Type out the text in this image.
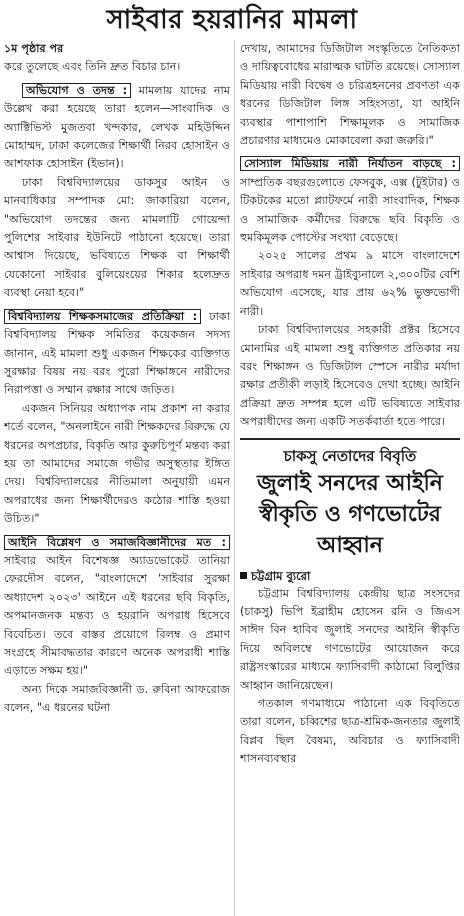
সাইবার হয়রানির মামলা

১ম পৃষ্ঠার পর

করে তুলেছে এবং তিনি দ্রুত বিচার চান।

অভিযোগ ও তদন্ত : মামলায় যাদের নাম উল্লেখ করা হয়েছে তারা হলেন—সাংবাদিক ও অ্যাক্টিভিস্ট মুজতবা খন্দকার, লেখক মহিউদ্দিন মোহাম্মদ, ঢাকা কলেজের শিক্ষার্থী নিরব হোসাইন ও আশফাক হোসাইন (ইভান)।

ঢাকা বিশ্ববিদ্যালয়ের ডাকসুর আইন ও মানবাধিকার সম্পাদক মো: জাকারিয়া বলেন, "অভিযোগ তদন্তের জন্য মামলাটি গোয়েন্দা পুলিশের সাইবার ইউনিটে পাঠানো হয়েছে। তারা আশ্বাস দিয়েছে, ভবিষ্যতে শিক্ষক বা শিক্ষার্থী যেকোনো সাইবার বুলিয়েংয়ের শিকার হলেদ্রুত ব্যবস্থা নেয়া হবে।"

বিশ্ববিদ্যালয় শিক্ষকসমাজের প্রতিক্রিয়া : ঢাকা বিশ্ববিদ্যালয় শিক্ষক সমিতির কয়েকজন সদস্য জানান, এই মামলা শুধু একজন শিক্ষকের ব্যক্তিগত সুরক্ষার বিষয় নয় বরং পুরো শিক্ষাঙ্গনে নারীদের নিরাপত্তা ও সম্মান রক্ষার সাথে জড়িত।

একজন সিনিয়র অধ্যাপক নাম প্রকাশ না করার শর্তে বলেন, "অনলাইনে নারী শিক্ষকদের বিরুদ্ধে যে ধরনের অপপ্রচার, বিকৃতি আর কুরুচিপূর্ণ মন্তব্য করা হয় তা আমাদের সমাজে গভীর অসুস্থতার ইঙ্গিত দেয়। বিশ্ববিদ্যালয়ের নীতিমালা অনুযায়ী এমন অপরাধের জন্য শিক্ষার্থীদেরও কঠোর শাস্তি হওয়া উচিত।"

আইনি বিশ্লেষণ ও সমাজবিজ্ঞানীদের মত : সাইবার আইন বিশেষজ্ঞ অ্যাডভোকেট তানিয়া ফেরদৌস বলেন, "বাংলাদেশে 'সাইবার সুরক্ষা অধ্যাদেশ ২০২৩' আইনে এই ধরনের ছবি বিকৃতি, অপমানজনক মন্তব্য ও হয়রানি অপরাধ হিসেবে বিবেচিত। তবে বাস্তব প্রয়োগে বিলম্ব ও প্রমাণ সংগ্রহে সীমাবদ্ধতার কারণে অনেক অপরাধী শাস্তি এড়াতে সক্ষম হয়।"

অন্য দিকে সমাজবিজ্ঞানী ড. রুবিনা আফরোজ বলেন, "এ ধরনের ঘটনা

দেখায়, আমাদের ডিজিটাল সংস্কৃতিতে নৈতিকতা ও দায়িত্ববোধের মারাত্মক ঘাটতি রয়েছে। সোস্যাল মিডিয়ায় নারী বিদ্বেষ ও চরিত্রহননের প্রবণতা এক ধরনের ডিজিটাল লিঙ্গ সহিংসতা, যা আইনি ব্যবস্থার পাশাপাশি শিক্ষামূলক ও সামাজিক প্রচারণার মাধ্যমেও মোকাবেলা করা জরুরি।"

সোস্যাল মিডিয়ায় নারী নির্যাতন বাড়ছে : সাম্প্রতিক বছরগুলোতে ফেসবুক, এক্স (টুইটার) ও টিকটকের মতো প্ল্যাটফর্মে নারী সাংবাদিক, শিক্ষক ও সামাজিক কর্মীদের বিরুদ্ধে ছবি বিকৃতি ও হুমকিমূলক পোস্টের সংখ্যা বেড়েছে।

২০২৫ সালের প্রথম ৯ মাসে বাংলাদেশে সাইবার অপরাধ দমন ট্রাইব্যুনালে ২,৩০০টির বেশি অভিযোগ এসেছে, যার প্রায় ৬২% ভুক্তভোগী নারী।

ঢাকা বিশ্ববিদ্যালয়ের সহকারী প্রক্টর হিসেবে মোনামির এই মামলা শুধু ব্যক্তিগত প্রতিকার নয় বরং শিক্ষাঙ্গন ও ডিজিটাল স্পেসে নারীর মর্যাদা রক্ষার প্রতীকী লড়াই হিসেবেও দেখা হচ্ছে। আইনি প্রক্রিয়া দ্রুত সম্পন্ন হলে এটি ভবিষ্যতে সাইবার অপরাধীদের জন্য একটি সতর্কবার্তা হতে পারে।

চাকসু নেতাদের বিবৃতি
জুলাই সনদের আইনি স্বীকৃতি ও গণভোটের আহ্বান
চট্টগ্রাম ব্যুরো

চট্টগ্রাম বিশ্ববিদ্যালয় কেন্দ্রীয় ছাত্র সংসদের (চাকসু) ভিপি ইব্রাহীম হোসেন রনি ও জিএস সাঈদ বিন হাবিব জুলাই সনদের আইনি স্বীকৃতি দিয়ে অবিলম্বে গণভোটের আয়োজন করে রাষ্ট্রসংস্কারের মাধ্যমে ফ্যাসিবাদী কাঠামো বিলুপ্তির আহ্বান জানিয়েছেন।

গতকাল গণমাধ্যমে পাঠানো এক বিবৃতিতে তারা বলেন, চব্বিশের ছাত্র-শ্রমিক-জনতার জুলাই বিপ্লব ছিল বৈষম্য, অবিচার ও ফ্যাসিবাদী শাসনব্যবস্থার
